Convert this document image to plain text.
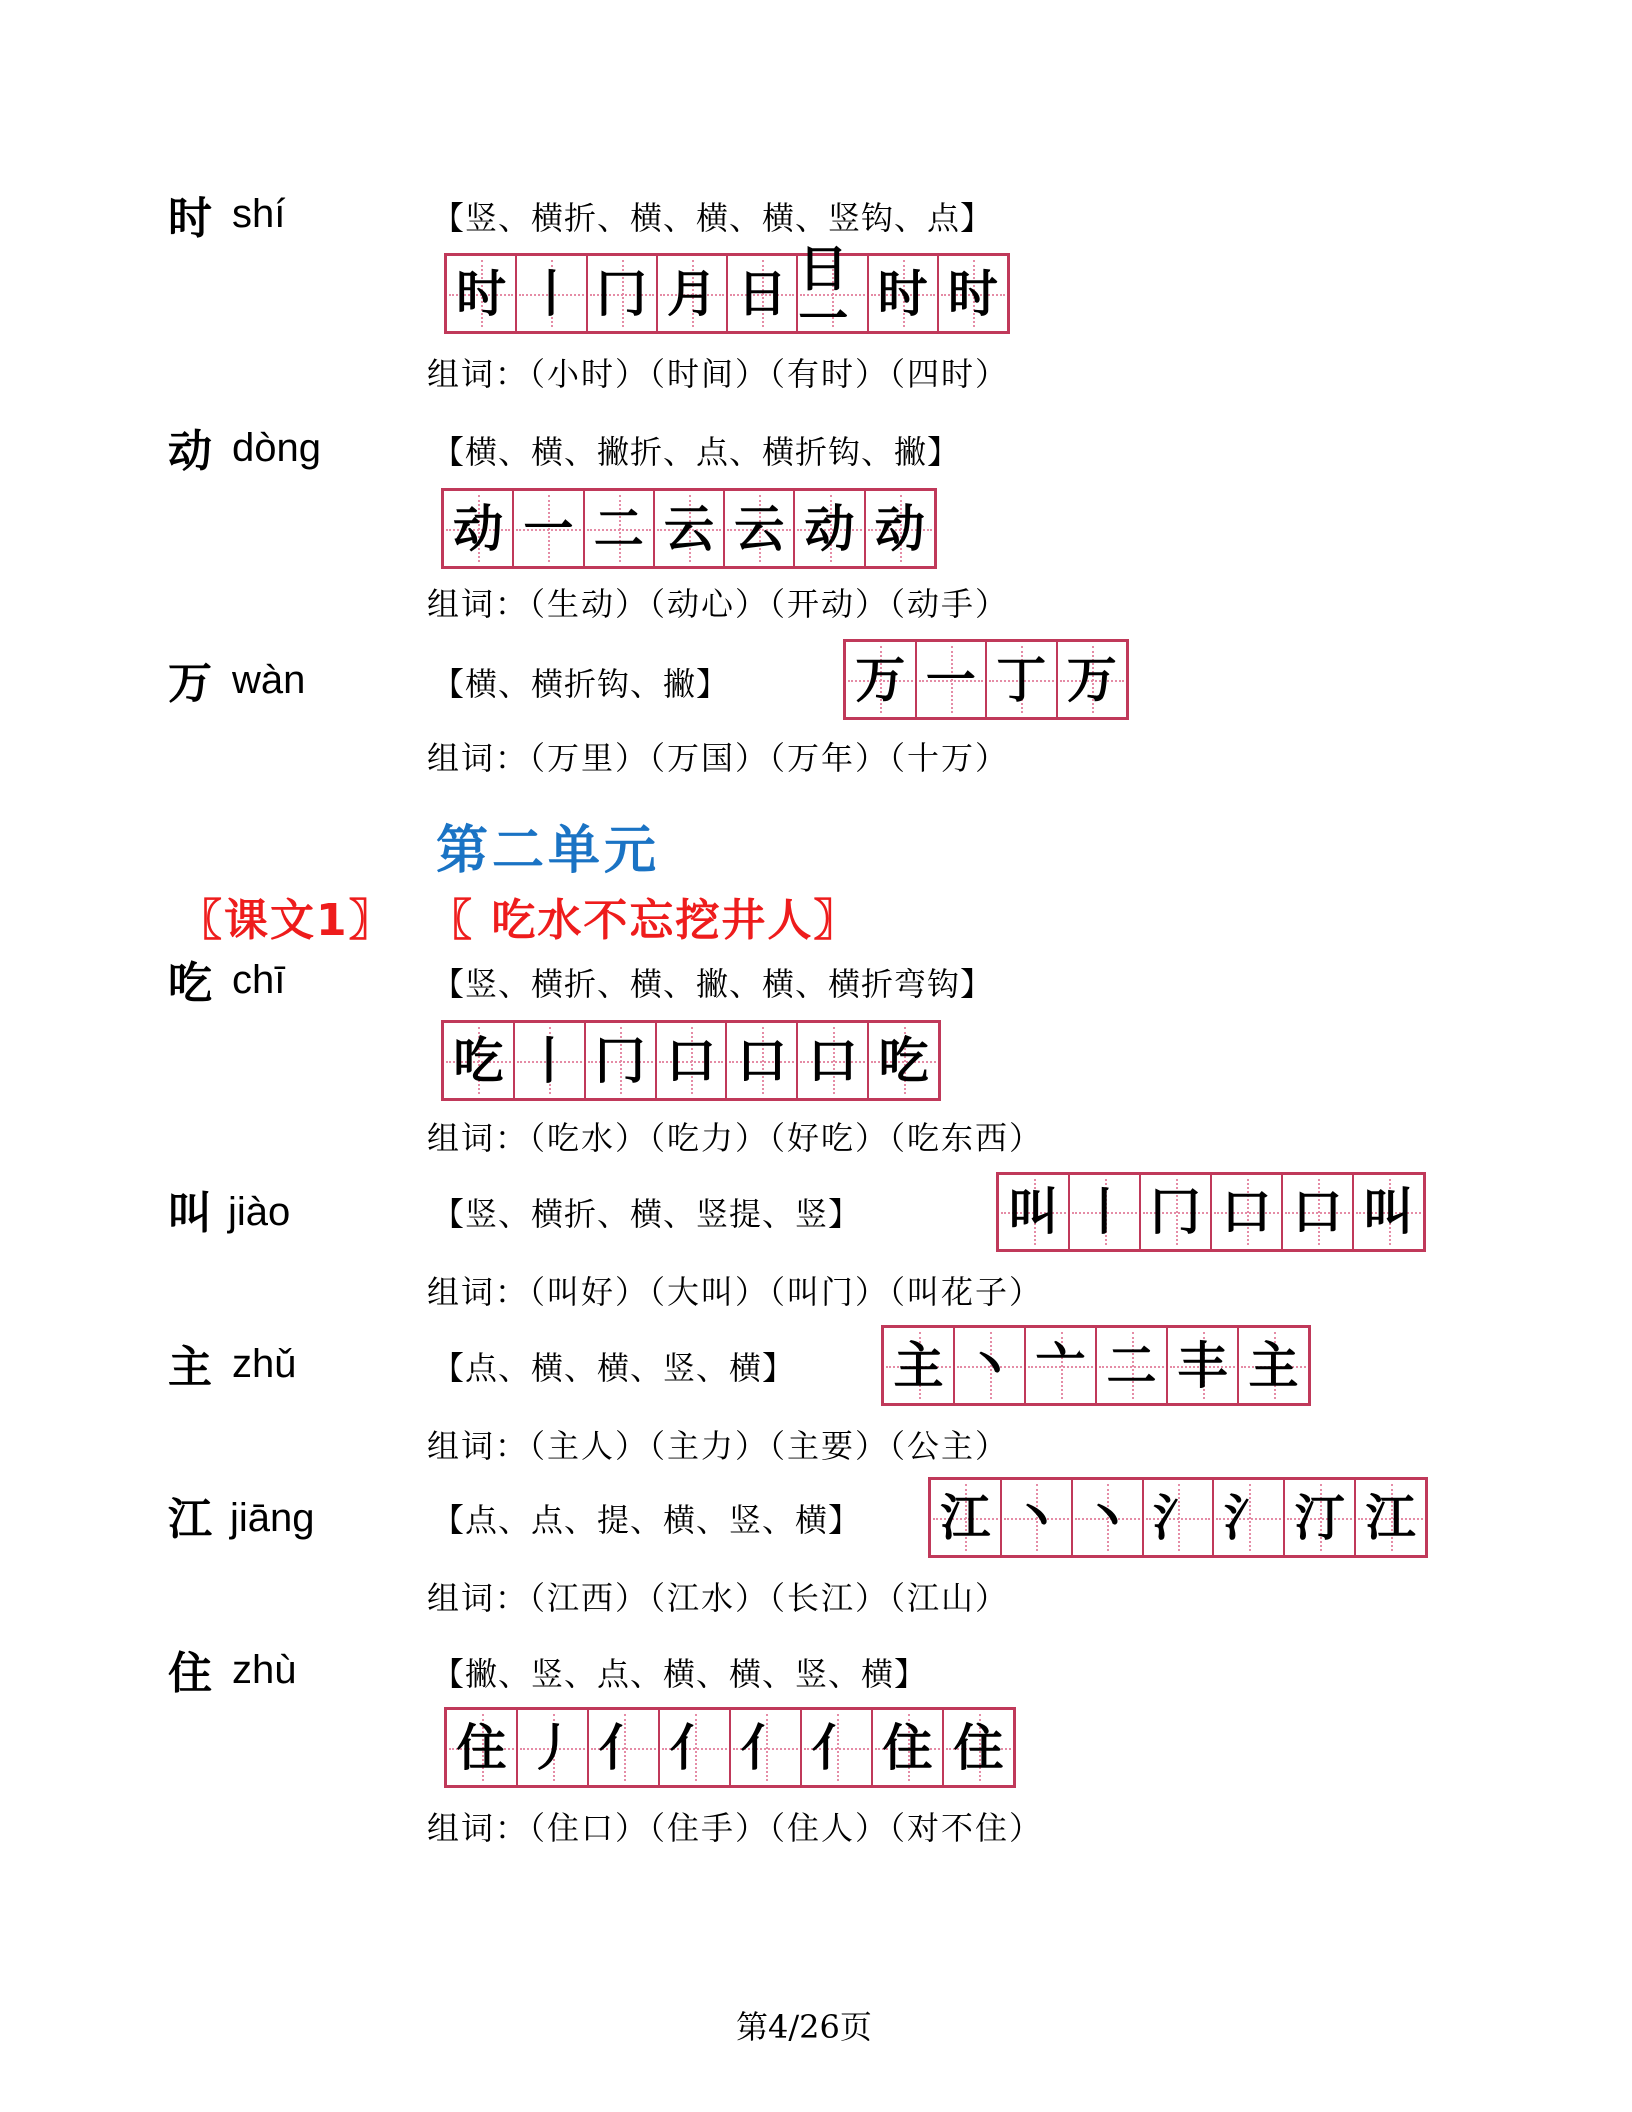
时 shí	【竖、横折、横、横、横、竖钩、点】
时 丨 冂 月 日 日一 时 时
组词：（小时）（时间）（有时）（四时）
动 dòng	【横、横、撇折、点、横折钩、撇】
动 一 二 云 云 动 动
组词：（生动）（动心）（开动）（动手）
万 wàn	【横、横折钩、撇】	万 一 丁 万
组词：（万里）（万国）（万年）（十万）
第二单元
〖课文1〗 〖 吃水不忘挖井人〗
吃 chī	【竖、横折、横、撇、横、横折弯钩】
吃 丨 冂 口 口 口 吃
组词：（吃水）（吃力）（好吃）（吃东西）
叫 jiào	【竖、横折、横、竖提、竖】	叫 丨 冂 口 口 叫
组词：（叫好）（大叫）（叫门）（叫花子）
主 zhǔ	【点、横、横、竖、横】 主 丶 亠 二 丰 主
组词：（主人）（主力）（主要）（公主）
江 jiāng	【点、点、提、横、竖、横】 江 丶 丶 氵 氵 汀 江
组词：（江西）（江水）（长江）（江山）
住 zhù	【撇、竖、点、横、横、竖、横】
住 丿 亻 亻 亻 亻 住 住
组词：（住口）（住手）（住人）（对不住）
第4/26页
